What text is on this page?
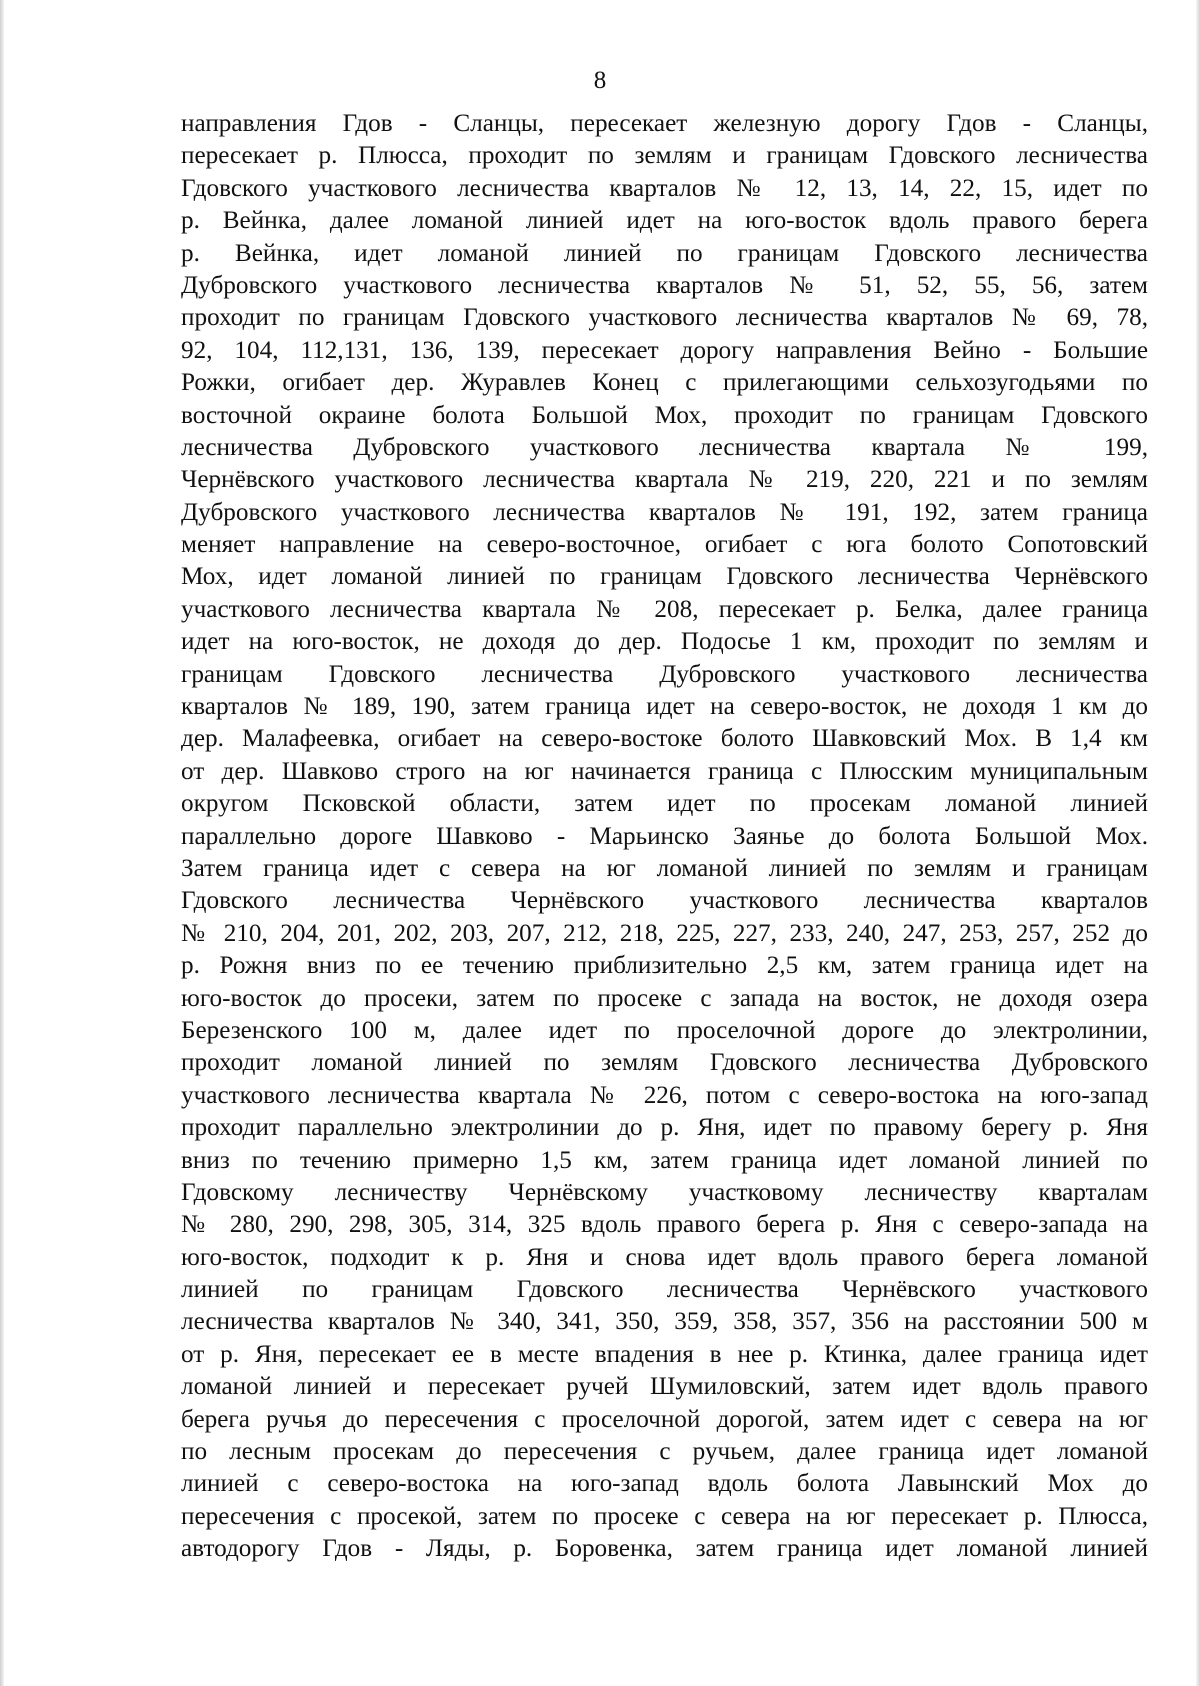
8
направления Гдов - Сланцы, пересекает железную дорогу Гдов - Сланцы,
пересекает р. Плюсса, проходит по землям и границам Гдовского лесничества
Гдовского участкового лесничества кварталов № 12, 13, 14, 22, 15, идет по
р. Вейнка, далее ломаной линией идет на юго-восток вдоль правого берега
р. Вейнка, идет ломаной линией по границам Гдовского лесничества
Дубровского участкового лесничества кварталов № 51, 52, 55, 56, затем
проходит по границам Гдовского участкового лесничества кварталов № 69, 78,
92, 104, 112,131, 136, 139, пересекает дорогу направления Вейно - Большие
Рожки, огибает дер. Журавлев Конец с прилегающими сельхозугодьями по
восточной окраине болота Большой Мох, проходит по границам Гдовского
лесничества Дубровского участкового лесничества квартала № 199,
Чернёвского участкового лесничества квартала № 219, 220, 221 и по землям
Дубровского участкового лесничества кварталов № 191, 192, затем граница
меняет направление на северо-восточное, огибает с юга болото Сопотовский
Мох, идет ломаной линией по границам Гдовского лесничества Чернёвского
участкового лесничества квартала № 208, пересекает р. Белка, далее граница
идет на юго-восток, не доходя до дер. Подосье 1 км, проходит по землям и
границам Гдовского лесничества Дубровского участкового лесничества
кварталов № 189, 190, затем граница идет на северо-восток, не доходя 1 км до
дер. Малафеевка, огибает на северо-востоке болото Шавковский Мох. В 1,4 км
от дер. Шавково строго на юг начинается граница с Плюсским муниципальным
округом Псковской области, затем идет по просекам ломаной линией
параллельно дороге Шавково - Марьинско Заянье до болота Большой Мох.
Затем граница идет с севера на юг ломаной линией по землям и границам
Гдовского лесничества Чернёвского участкового лесничества кварталов
№ 210, 204, 201, 202, 203, 207, 212, 218, 225, 227, 233, 240, 247, 253, 257, 252 до
р. Рожня вниз по ее течению приблизительно 2,5 км, затем граница идет на
юго-восток до просеки, затем по просеке с запада на восток, не доходя озера
Березенского 100 м, далее идет по проселочной дороге до электролинии,
проходит ломаной линией по землям Гдовского лесничества Дубровского
участкового лесничества квартала № 226, потом с северо-востока на юго-запад
проходит параллельно электролинии до р. Яня, идет по правому берегу р. Яня
вниз по течению примерно 1,5 км, затем граница идет ломаной линией по
Гдовскому лесничеству Чернёвскому участковому лесничеству кварталам
№ 280, 290, 298, 305, 314, 325 вдоль правого берега р. Яня с северо-запада на
юго-восток, подходит к р. Яня и снова идет вдоль правого берега ломаной
линией по границам Гдовского лесничества Чернёвского участкового
лесничества кварталов № 340, 341, 350, 359, 358, 357, 356 на расстоянии 500 м
от р. Яня, пересекает ее в месте впадения в нее р. Ктинка, далее граница идет
ломаной линией и пересекает ручей Шумиловский, затем идет вдоль правого
берега ручья до пересечения с проселочной дорогой, затем идет с севера на юг
по лесным просекам до пересечения с ручьем, далее граница идет ломаной
линией с северо-востока на юго-запад вдоль болота Лавынский Мох до
пересечения с просекой, затем по просеке с севера на юг пересекает р. Плюсса,
автодорогу Гдов - Ляды, р. Боровенка, затем граница идет ломаной линией
